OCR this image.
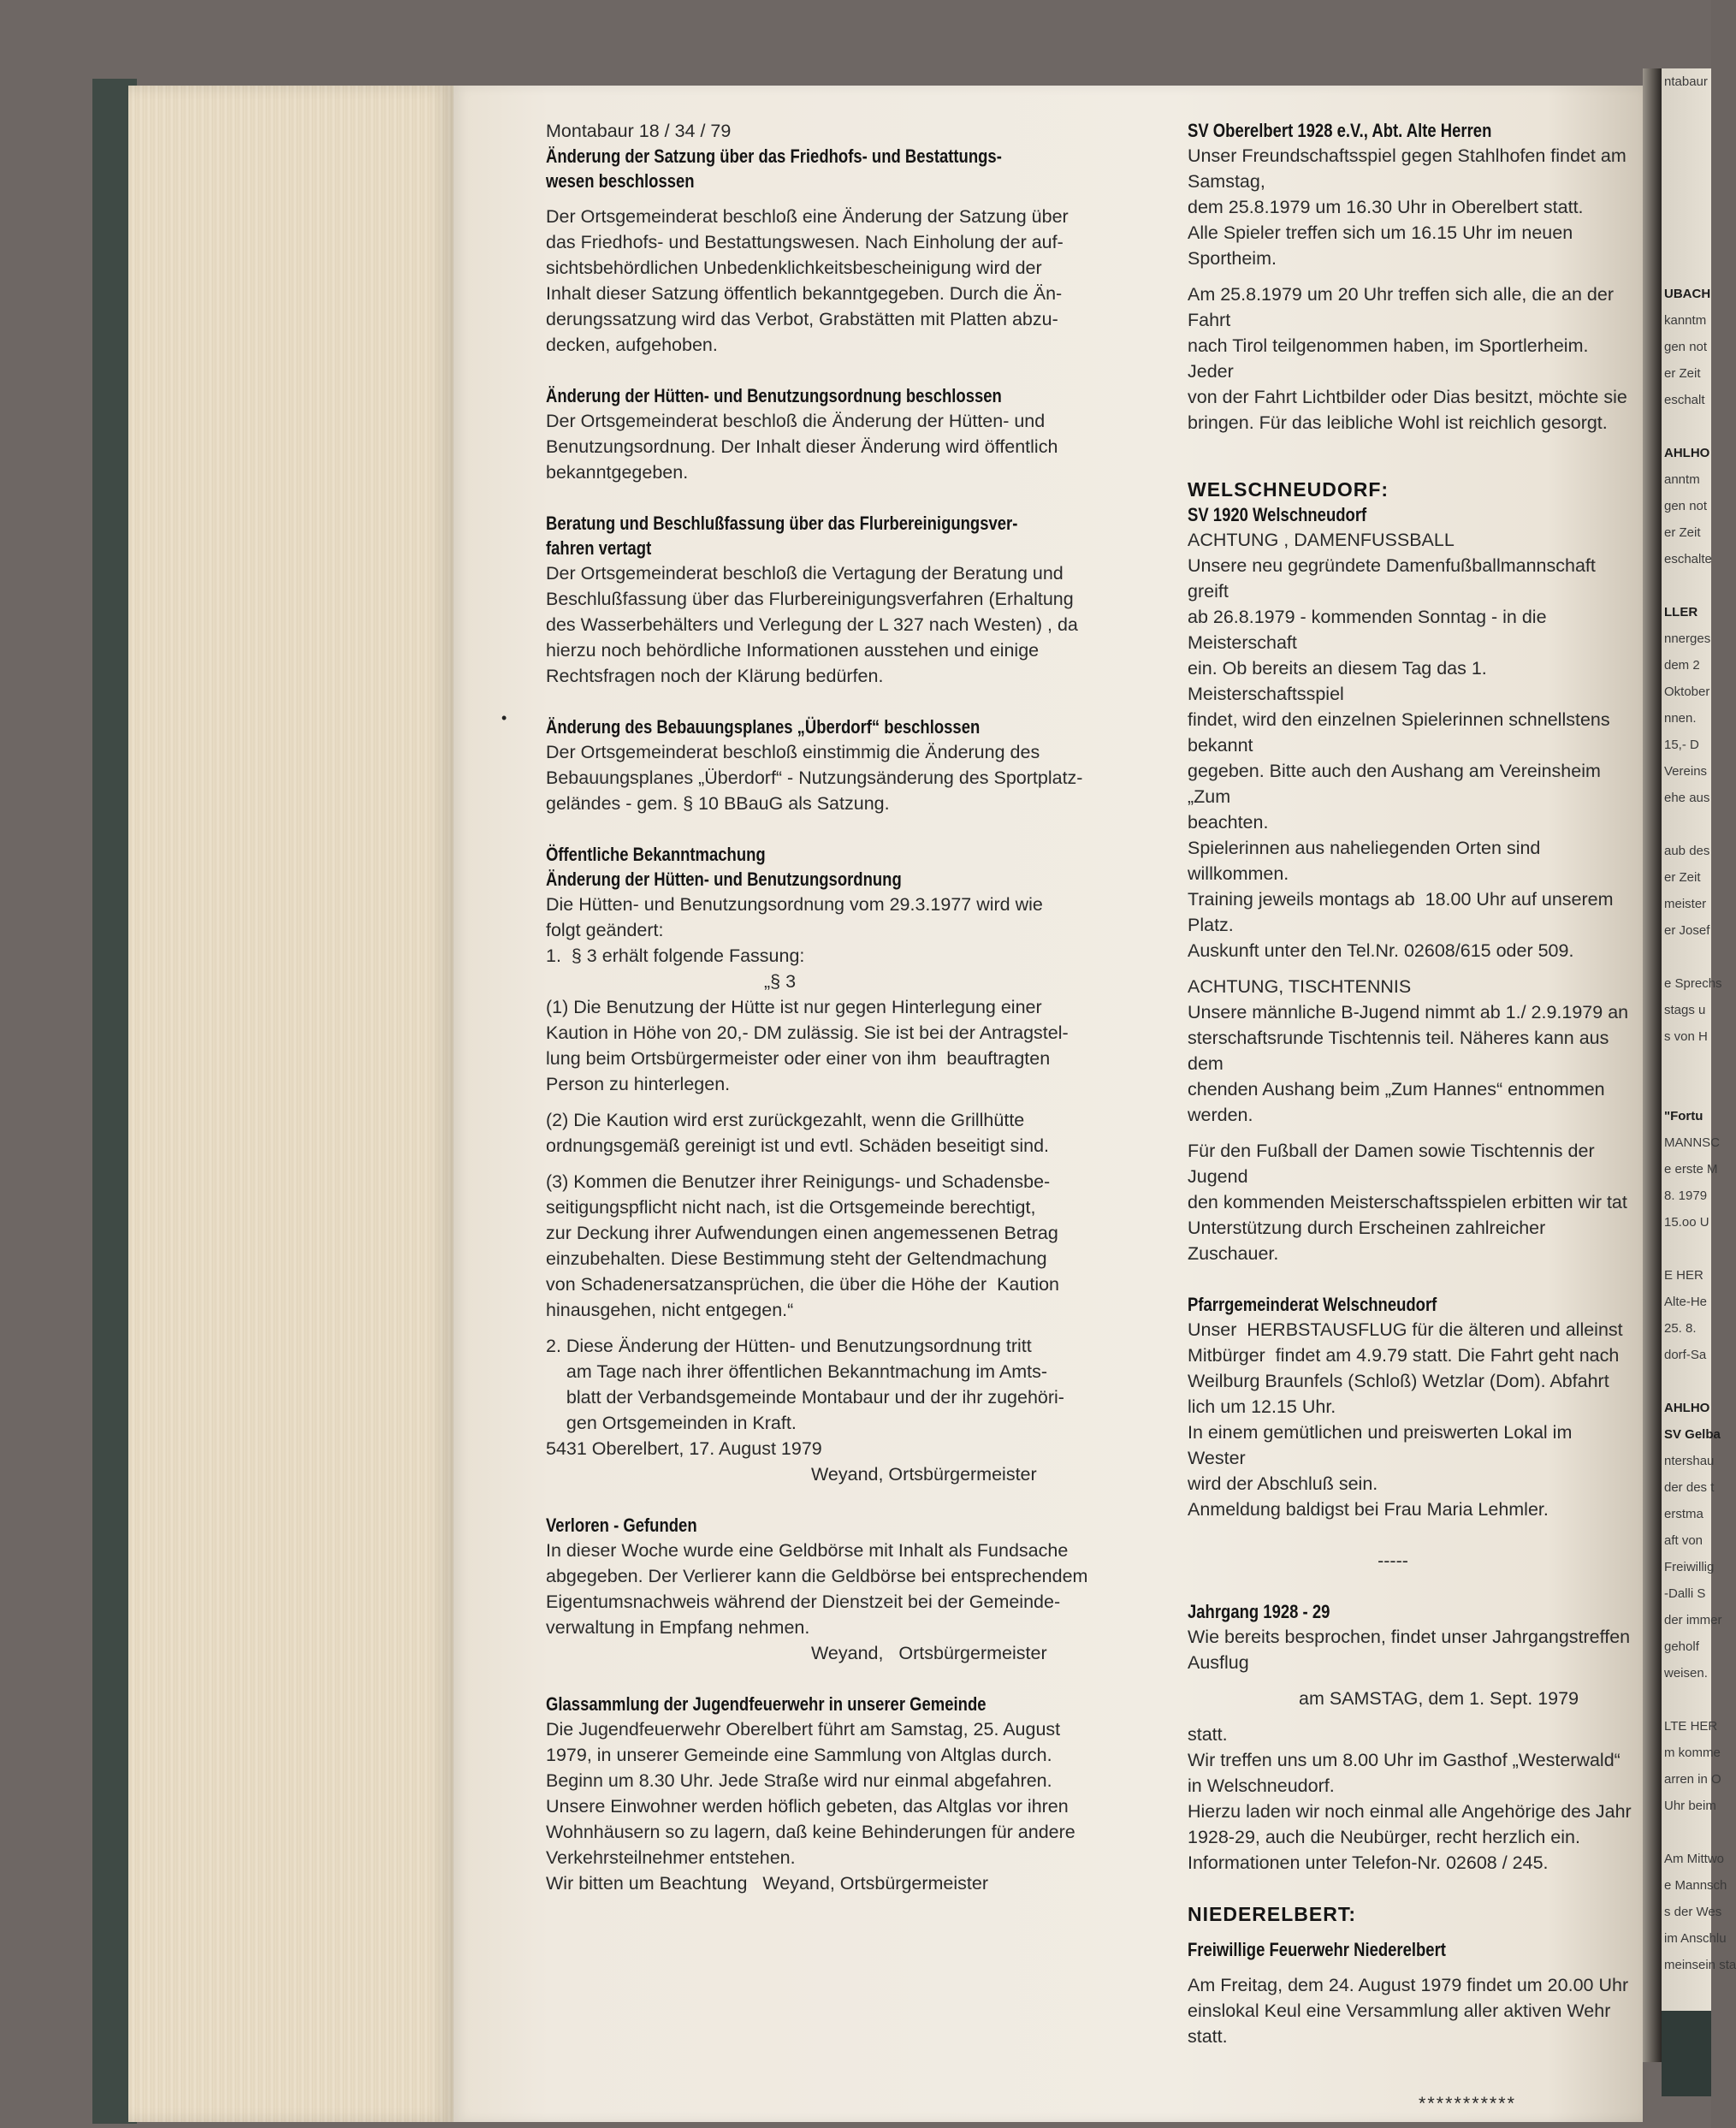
ntabaur
UBACH
kanntm
gen not
er Zeit
eschalt
AHLHO
anntm
gen not
er Zeit
eschalte
LLER
nnerges
dem 2
Oktober
nnen.
15,- D
Vereins
ehe aus
aub des
er Zeit
meister
er Josef
e Sprechs
stags u
s von H
"Fortu
MANNSC
e erste M
8. 1979
15.oo U
E HER
Alte-He
25. 8.
dorf-Sa
AHLHO
SV Gelba
ntershau
der des t
erstma
aft von
Freiwillig
-Dalli S
der immer
geholf
weisen.
LTE HER
m komme
arren in O
Uhr beim
Am Mittwo
e Mannsch
s der Wes
im Anschlu
meinsein sta
•
Montabaur 18 / 34 / 79
Änderung der Satzung über das Friedhofs- und Bestattungs-
wesen beschlossen
Der Ortsgemeinderat beschloß eine Änderung der Satzung über
das Friedhofs- und Bestattungswesen. Nach Einholung der auf-
sichtsbehördlichen Unbedenklichkeitsbescheinigung wird der
Inhalt dieser Satzung öffentlich bekanntgegeben. Durch die Än-
derungssatzung wird das Verbot, Grabstätten mit Platten abzu-
decken, aufgehoben.
Änderung der Hütten- und Benutzungsordnung beschlossen
Der Ortsgemeinderat beschloß die Änderung der Hütten- und
Benutzungsordnung. Der Inhalt dieser Änderung wird öffentlich
bekanntgegeben.
Beratung und Beschlußfassung über das Flurbereinigungsver-
fahren vertagt
Der Ortsgemeinderat beschloß die Vertagung der Beratung und
Beschlußfassung über das Flurbereinigungsverfahren (Erhaltung
des Wasserbehälters und Verlegung der L 327 nach Westen) , da
hierzu noch behördliche Informationen ausstehen und einige
Rechtsfragen noch der Klärung bedürfen.
Änderung des Bebauungsplanes „Überdorf“ beschlossen
Der Ortsgemeinderat beschloß einstimmig die Änderung des
Bebauungsplanes „Überdorf“ - Nutzungsänderung des Sportplatz-
geländes - gem. § 10 BBauG als Satzung.
Öffentliche Bekanntmachung
Änderung der Hütten- und Benutzungsordnung
Die Hütten- und Benutzungsordnung vom 29.3.1977 wird wie
folgt geändert:
1.  § 3 erhält folgende Fassung:
„§ 3
(1) Die Benutzung der Hütte ist nur gegen Hinterlegung einer
Kaution in Höhe von 20,- DM zulässig. Sie ist bei der Antragstel-
lung beim Ortsbürgermeister oder einer von ihm  beauftragten
Person zu hinterlegen.
(2) Die Kaution wird erst zurückgezahlt, wenn die Grillhütte
ordnungsgemäß gereinigt ist und evtl. Schäden beseitigt sind.
(3) Kommen die Benutzer ihrer Reinigungs- und Schadensbe-
seitigungspflicht nicht nach, ist die Ortsgemeinde berechtigt,
zur Deckung ihrer Aufwendungen einen angemessenen Betrag
einzubehalten. Diese Bestimmung steht der Geltendmachung
von Schadenersatzansprüchen, die über die Höhe der  Kaution
hinausgehen, nicht entgegen.“
2. Diese Änderung der Hütten- und Benutzungsordnung tritt
am Tage nach ihrer öffentlichen Bekanntmachung im Amts-
blatt der Verbandsgemeinde Montabaur und der ihr zugehöri-
gen Ortsgemeinden in Kraft.
5431 Oberelbert, 17. August 1979
Weyand, Ortsbürgermeister
Verloren - Gefunden
In dieser Woche wurde eine Geldbörse mit Inhalt als Fundsache
abgegeben. Der Verlierer kann die Geldbörse bei entsprechendem
Eigentumsnachweis während der Dienstzeit bei der Gemeinde-
verwaltung in Empfang nehmen.
Weyand,   Ortsbürgermeister
Glassammlung der Jugendfeuerwehr in unserer Gemeinde
Die Jugendfeuerwehr Oberelbert führt am Samstag, 25. August
1979, in unserer Gemeinde eine Sammlung von Altglas durch.
Beginn um 8.30 Uhr. Jede Straße wird nur einmal abgefahren.
Unsere Einwohner werden höflich gebeten, das Altglas vor ihren
Wohnhäusern so zu lagern, daß keine Behinderungen für andere
Verkehrsteilnehmer entstehen.
Wir bitten um Beachtung   Weyand, Ortsbürgermeister
SV Oberelbert 1928 e.V., Abt. Alte Herren
Unser Freundschaftsspiel gegen Stahlhofen findet am Samstag,
dem 25.8.1979 um 16.30 Uhr in Oberelbert statt.
Alle Spieler treffen sich um 16.15 Uhr im neuen Sportheim.
Am 25.8.1979 um 20 Uhr treffen sich alle, die an der Fahrt
nach Tirol teilgenommen haben, im Sportlerheim. Jeder
von der Fahrt Lichtbilder oder Dias besitzt, möchte sie
bringen. Für das leibliche Wohl ist reichlich gesorgt.
WELSCHNEUDORF:
SV 1920 Welschneudorf
ACHTUNG , DAMENFUSSBALL
Unsere neu gegründete Damenfußballmannschaft greift
ab 26.8.1979 - kommenden Sonntag - in die Meisterschaft
ein. Ob bereits an diesem Tag das 1. Meisterschaftsspiel
findet, wird den einzelnen Spielerinnen schnellstens bekannt
gegeben. Bitte auch den Aushang am Vereinsheim „Zum
beachten.
Spielerinnen aus naheliegenden Orten sind willkommen.
Training jeweils montags ab  18.00 Uhr auf unserem Platz.
Auskunft unter den Tel.Nr. 02608/615 oder 509.
ACHTUNG, TISCHTENNIS
Unsere männliche B-Jugend nimmt ab 1./ 2.9.1979 an
sterschaftsrunde Tischtennis teil. Näheres kann aus dem
chenden Aushang beim „Zum Hannes“ entnommen werden.
Für den Fußball der Damen sowie Tischtennis der Jugend
den kommenden Meisterschaftsspielen erbitten wir tat
Unterstützung durch Erscheinen zahlreicher Zuschauer.
Pfarrgemeinderat Welschneudorf
Unser  HERBSTAUSFLUG für die älteren und alleinst
Mitbürger  findet am 4.9.79 statt. Die Fahrt geht nach
Weilburg Braunfels (Schloß) Wetzlar (Dom). Abfahrt
lich um 12.15 Uhr.
In einem gemütlichen und preiswerten Lokal im Wester
wird der Abschluß sein.
Anmeldung baldigst bei Frau Maria Lehmler.
-----
Jahrgang 1928 - 29
Wie bereits besprochen, findet unser Jahrgangstreffen
Ausflug
am SAMSTAG, dem 1. Sept. 1979
statt.
Wir treffen uns um 8.00 Uhr im Gasthof „Westerwald“
in Welschneudorf.
Hierzu laden wir noch einmal alle Angehörige des Jahr
1928-29, auch die Neubürger, recht herzlich ein.
Informationen unter Telefon-Nr. 02608 / 245.
NIEDERELBERT:
Freiwillige Feuerwehr Niederelbert
Am Freitag, dem 24. August 1979 findet um 20.00 Uhr
einslokal Keul eine Versammlung aller aktiven Wehr
statt.
***********
